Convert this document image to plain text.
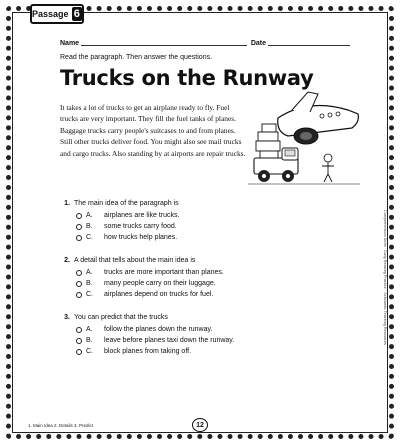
Passage 6
Name	Date
Read the paragraph. Then answer the questions.
Trucks on the Runway
It takes a lot of trucks to get an airplane ready to fly. Fuel trucks are very important. They fill the fuel tanks of planes. Baggage trucks carry people's suitcases to and from planes. Still other trucks deliver food. You might also see mail trucks and cargo trucks. Also standing by at airports are repair trucks.
1. The main idea of the paragraph is
A.	airplanes are like trucks.
B.	some trucks carry food.
C.	how trucks help planes.
2. A detail that tells about the main idea is
A.	trucks are more important than planes.
B.	many people carry on their luggage.
C.	airplanes depend on trucks for fuel.
3. You can predict that the trucks
A.	follow the planes down the runway.
B.	leave before planes taxi down the runway.
C.	block planes from taking off.
Comprehension Skills · Daily Reading Practice · Scholastic Teaching Resources
1. Main Idea 2. Details 3. Predict	12
